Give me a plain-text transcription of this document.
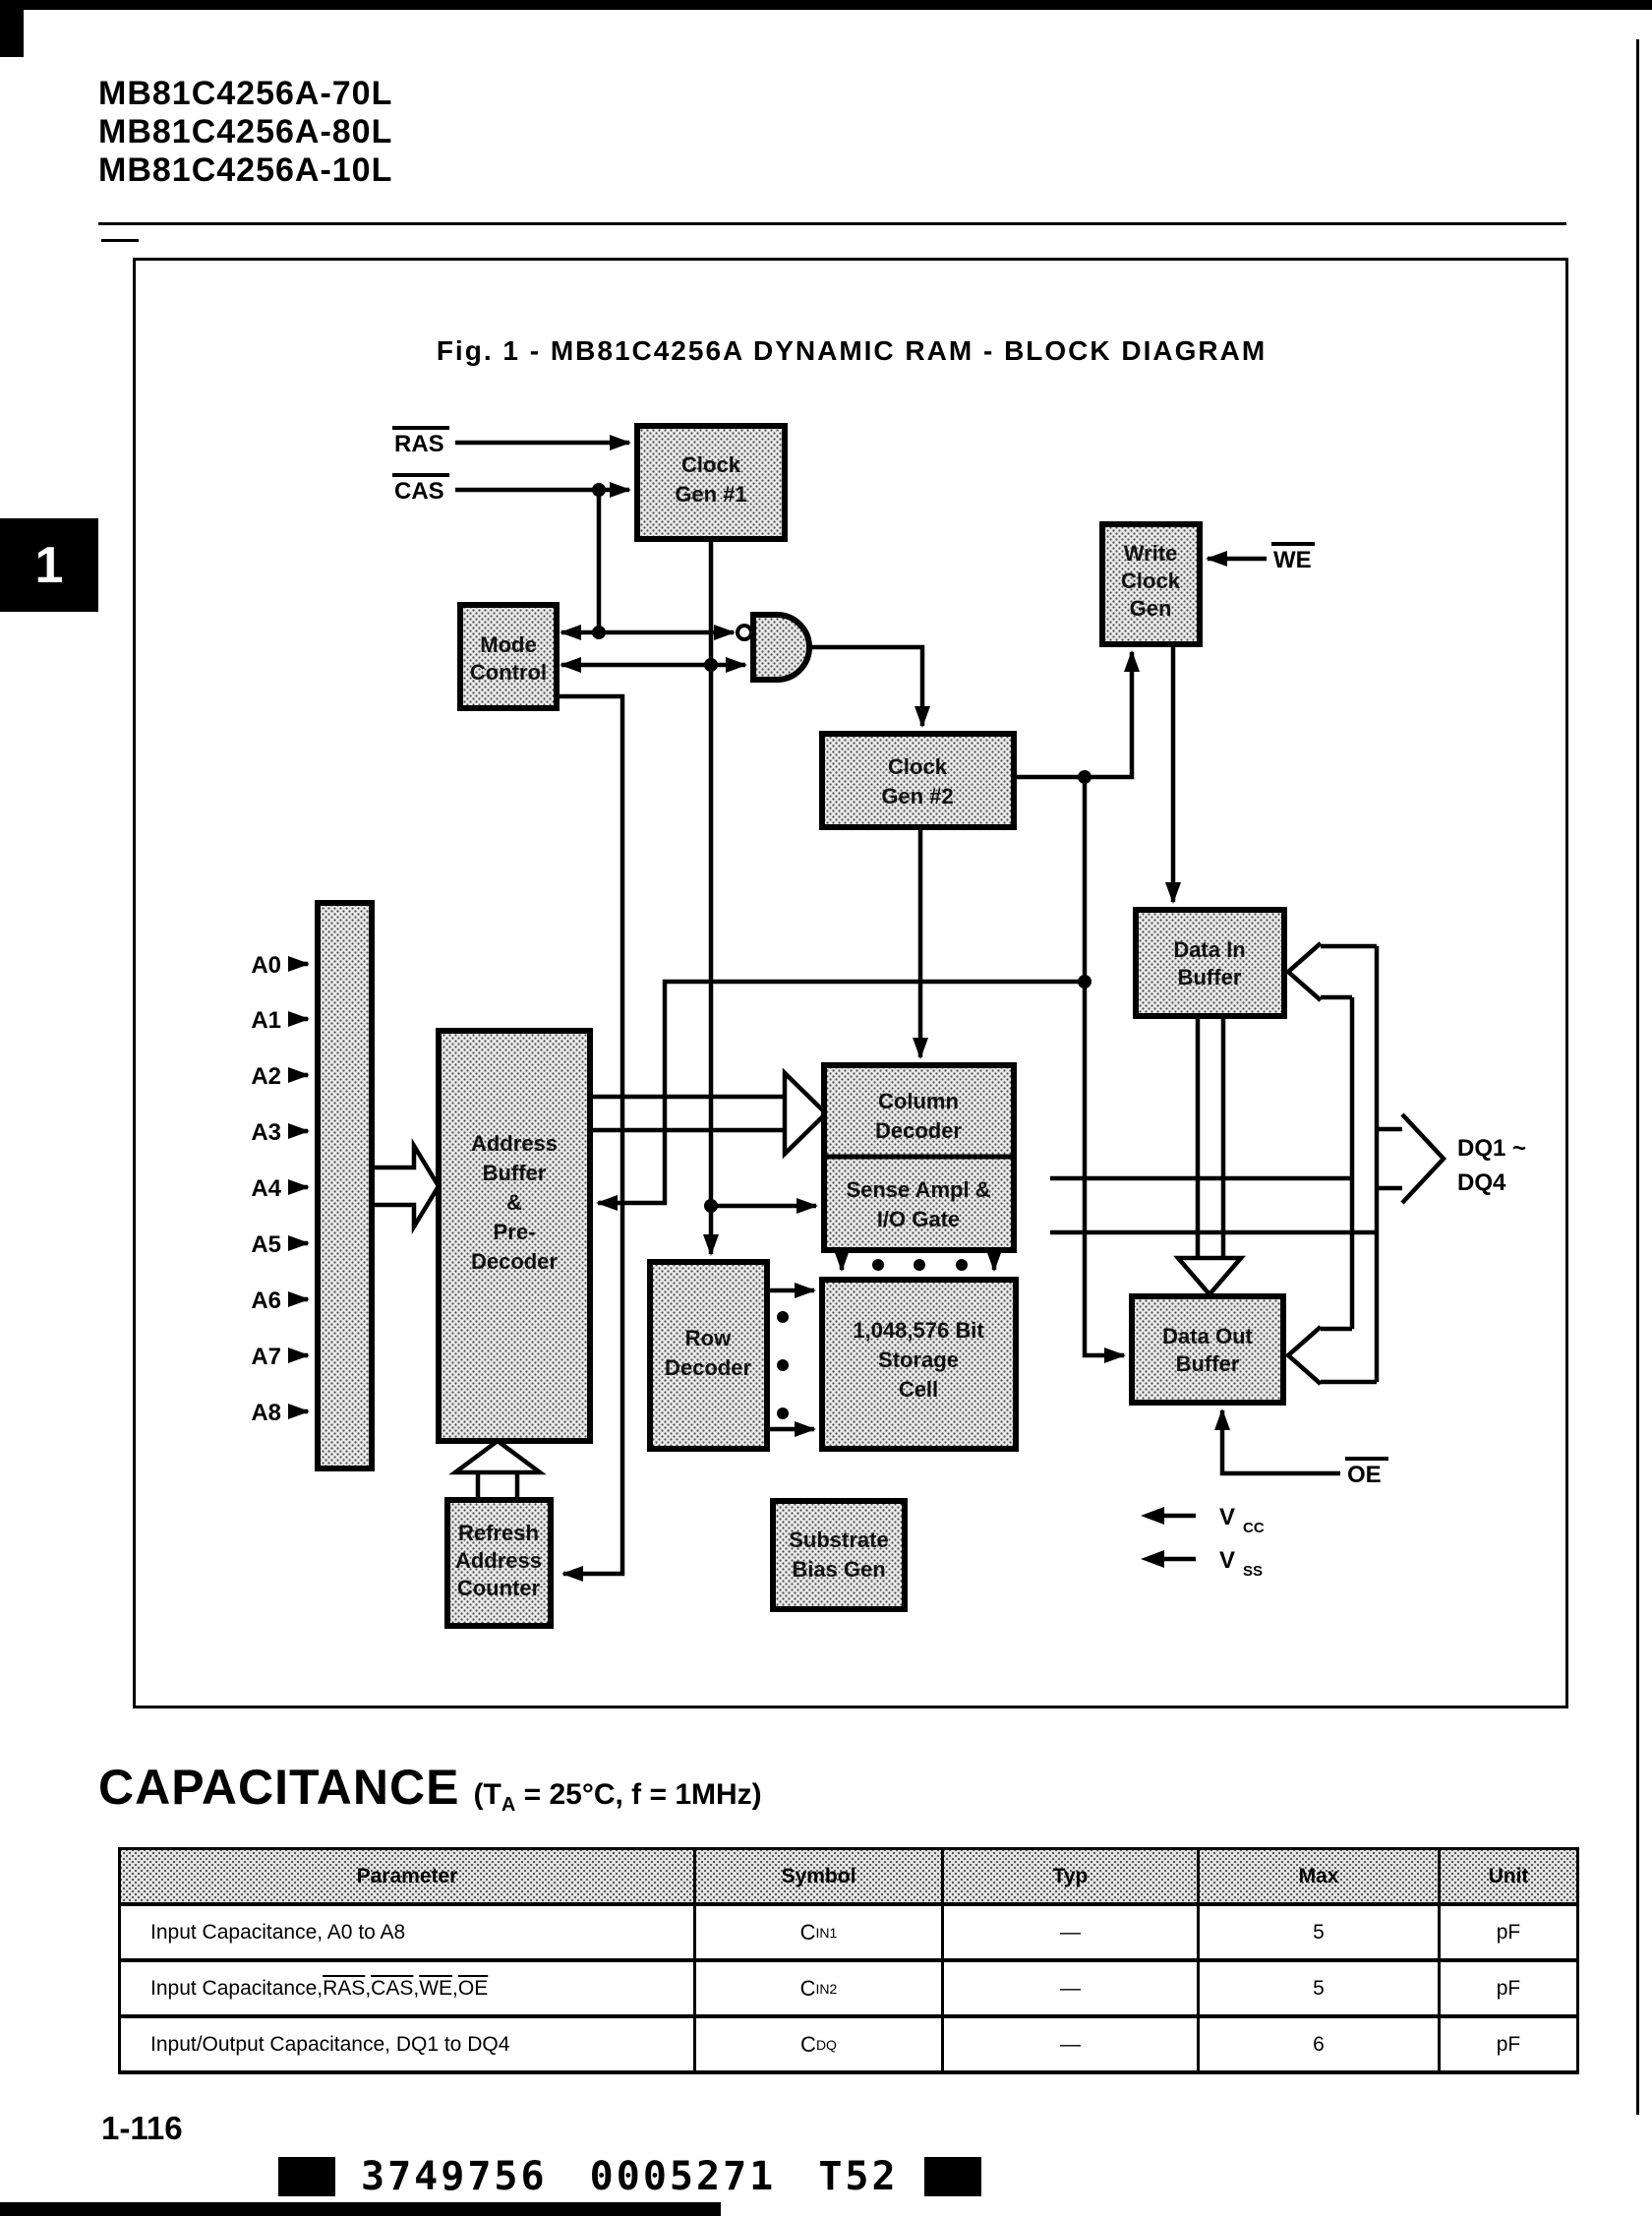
MB81C4256A-70L
MB81C4256A-80L
MB81C4256A-10L
1
Fig. 1 - MB81C4256A DYNAMIC RAM - BLOCK DIAGRAM
Clock
Gen #1
Write
Clock
Gen
Mode
Control
Clock
Gen #2
Data In
Buffer
Address
Buffer
&
Pre-
Decoder
Column
Decoder
Sense Ampl &
I/O Gate
Row
Decoder
1,048,576 Bit
Storage
Cell
Data Out
Buffer
Refresh
Address
Counter
Substrate
Bias Gen
RAS
CAS
WE
OE
A0
A1
A2
A3
A4
A5
A6
A7
A8
DQ1 ~
DQ4
V CC
V SS
CAPACITANCE ($T_A = 25^\circ C$, f = 1MHz)
Parameter	Symbol	Typ	Max	Unit
Input Capacitance, A0 to A8	C IN1	—	5	pF
Input Capacitance, $\overline{RAS}$ , $\overline{CAS}$ , $\overline{WE}$ , $\overline{OE}$	C IN2	—	5	pF
Input/Output Capacitance, DQ1 to DQ4	C DQ	—	6	pF
1-116
3749756 0005271 T52
